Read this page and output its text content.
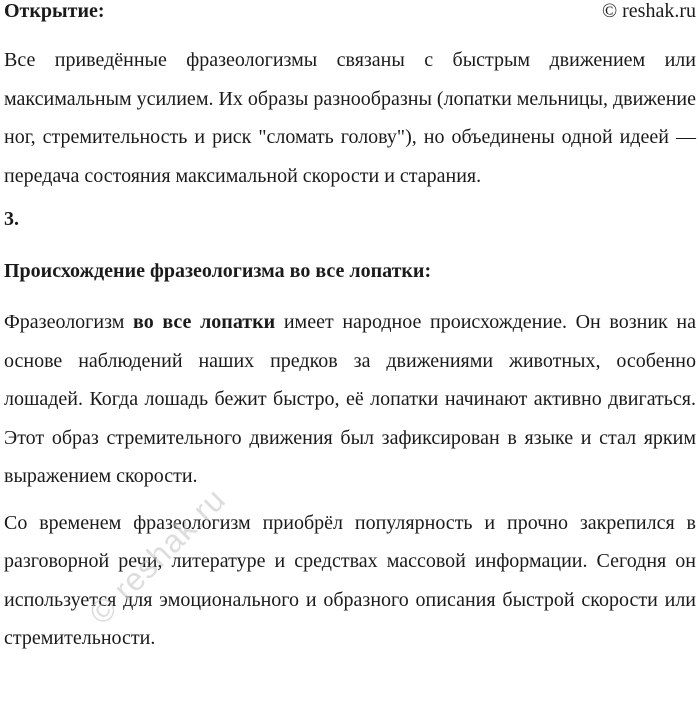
Открытие:	© reshak.ru

Все приведённые фразеологизмы связаны с быстрым движением или максимальным усилием. Их образы разнообразны (лопатки мельницы, движение ног, стремительность и риск "сломать голову"), но объединены одной идеей — передача состояния максимальной скорости и старания.

3.
Происхождение фразеологизма во все лопатки:

Фразеологизм во все лопатки имеет народное происхождение. Он возник на основе наблюдений наших предков за движениями животных, особенно лошадей. Когда лошадь бежит быстро, её лопатки начинают активно двигаться. Этот образ стремительного движения был зафиксирован в языке и стал ярким выражением скорости.

Со временем фразеологизм приобрёл популярность и прочно закрепился в разговорной речи, литературе и средствах массовой информации. Сегодня он используется для эмоционального и образного описания быстрой скорости или стремительности.

© reshak.ru
